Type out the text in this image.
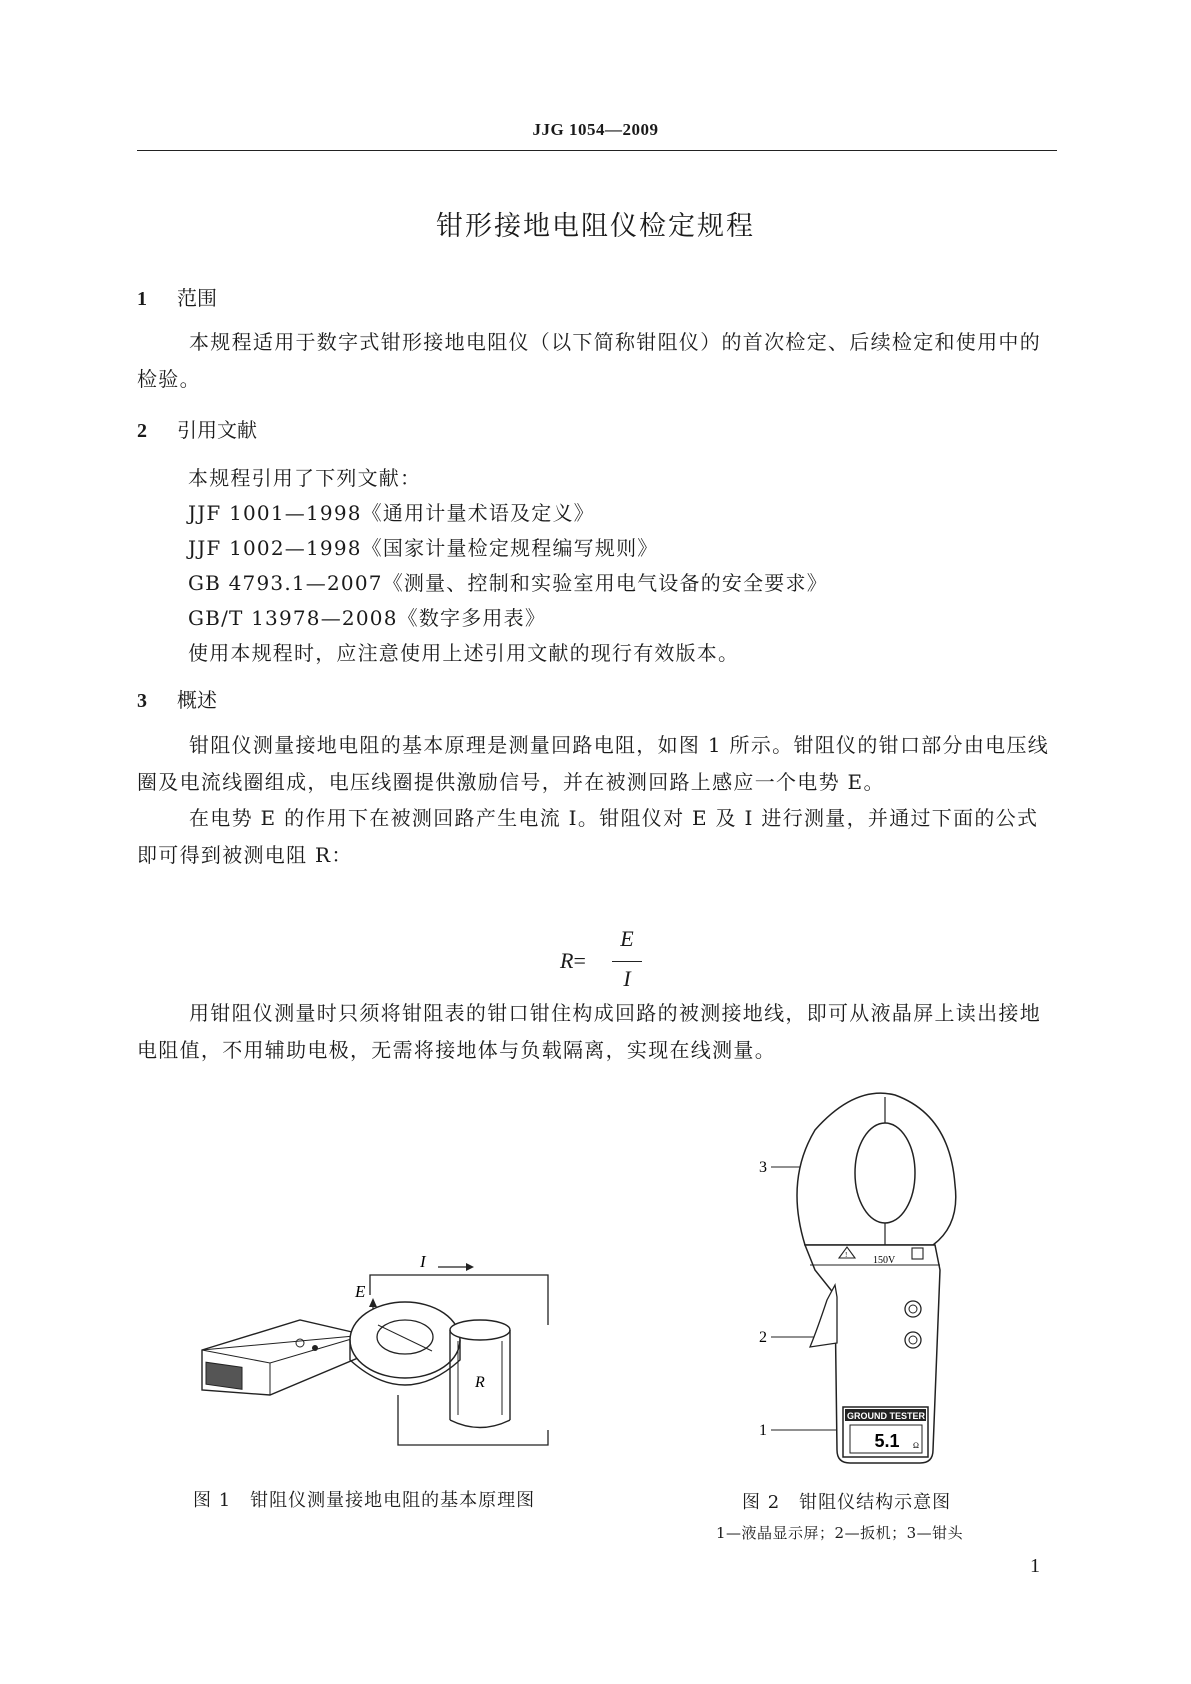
JJG 1054—2009
钳形接地电阻仪检定规程
1 范围
本规程适用于数字式钳形接地电阻仪（以下简称钳阻仪）的首次检定、后续检定和使用中的检验。
2 引用文献
本规程引用了下列文献：
JJF 1001—1998《通用计量术语及定义》
JJF 1002—1998《国家计量检定规程编写规则》
GB 4793.1—2007《测量、控制和实验室用电气设备的安全要求》
GB/T 13978—2008《数字多用表》
使用本规程时，应注意使用上述引用文献的现行有效版本。
3 概述
钳阻仪测量接地电阻的基本原理是测量回路电阻，如图 1 所示。钳阻仪的钳口部分由电压线圈及电流线圈组成，电压线圈提供激励信号，并在被测回路上感应一个电势 E。
在电势 E 的作用下在被测回路产生电流 I。钳阻仪对 E 及 I 进行测量，并通过下面的公式即可得到被测电阻 R：
R=
E
I
用钳阻仪测量时只须将钳阻表的钳口钳住构成回路的被测接地线，即可从液晶屏上读出接地电阻值，不用辅助电极，无需将接地体与负载隔离，实现在线测量。
I
E
R
图 1　钳阻仪测量接地电阻的基本原理图
3
2
1
!	150V
GROUND TESTER
5.1 Ω
图 2　钳阻仪结构示意图
1—液晶显示屏；2—扳机；3—钳头
1
